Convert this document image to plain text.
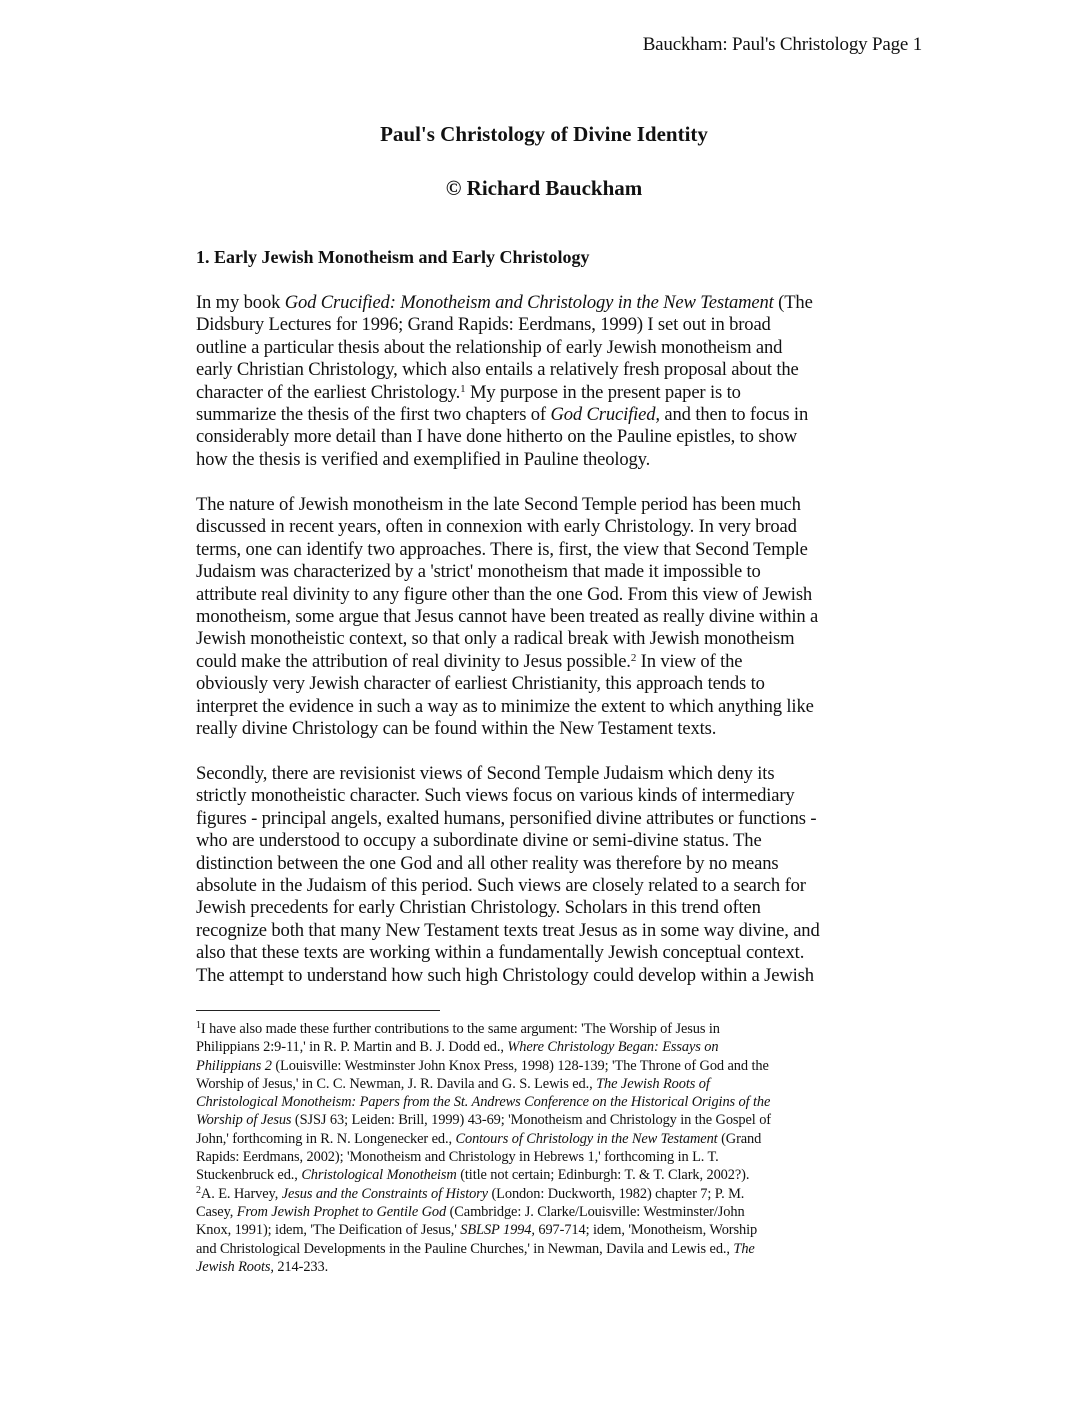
Bauckham: Paul's Christology Page 1
Paul's Christology of Divine Identity
© Richard Bauckham
1. Early Jewish Monotheism and Early Christology
In my book God Crucified: Monotheism and Christology in the New Testament (The
Didsbury Lectures for 1996; Grand Rapids: Eerdmans, 1999) I set out in broad
outline a particular thesis about the relationship of early Jewish monotheism and
early Christian Christology, which also entails a relatively fresh proposal about the
character of the earliest Christology.$^1$ My purpose in the present paper is to
summarize the thesis of the first two chapters of God Crucified, and then to focus in
considerably more detail than I have done hitherto on the Pauline epistles, to show
how the thesis is verified and exemplified in Pauline theology.
The nature of Jewish monotheism in the late Second Temple period has been much
discussed in recent years, often in connexion with early Christology. In very broad
terms, one can identify two approaches. There is, first, the view that Second Temple
Judaism was characterized by a 'strict' monotheism that made it impossible to
attribute real divinity to any figure other than the one God. From this view of Jewish
monotheism, some argue that Jesus cannot have been treated as really divine within a
Jewish monotheistic context, so that only a radical break with Jewish monotheism
could make the attribution of real divinity to Jesus possible.$^2$ In view of the
obviously very Jewish character of earliest Christianity, this approach tends to
interpret the evidence in such a way as to minimize the extent to which anything like
really divine Christology can be found within the New Testament texts.
Secondly, there are revisionist views of Second Temple Judaism which deny its
strictly monotheistic character. Such views focus on various kinds of intermediary
figures - principal angels, exalted humans, personified divine attributes or functions -
who are understood to occupy a subordinate divine or semi-divine status. The
distinction between the one God and all other reality was therefore by no means
absolute in the Judaism of this period. Such views are closely related to a search for
Jewish precedents for early Christian Christology. Scholars in this trend often
recognize both that many New Testament texts treat Jesus as in some way divine, and
also that these texts are working within a fundamentally Jewish conceptual context.
The attempt to understand how such high Christology could develop within a Jewish
$^1$I have also made these further contributions to the same argument: 'The Worship of Jesus in
Philippians 2:9-11,' in R. P. Martin and B. J. Dodd ed., Where Christology Began: Essays on
Philippians 2 (Louisville: Westminster John Knox Press, 1998) 128-139; 'The Throne of God and the
Worship of Jesus,' in C. C. Newman, J. R. Davila and G. S. Lewis ed., The Jewish Roots of
Christological Monotheism: Papers from the St. Andrews Conference on the Historical Origins of the
Worship of Jesus (SJSJ 63; Leiden: Brill, 1999) 43-69; 'Monotheism and Christology in the Gospel of
John,' forthcoming in R. N. Longenecker ed., Contours of Christology in the New Testament (Grand
Rapids: Eerdmans, 2002); 'Monotheism and Christology in Hebrews 1,' forthcoming in L. T.
Stuckenbruck ed., Christological Monotheism (title not certain; Edinburgh: T. & T. Clark, 2002?).
$^2$A. E. Harvey, Jesus and the Constraints of History (London: Duckworth, 1982) chapter 7; P. M.
Casey, From Jewish Prophet to Gentile God (Cambridge: J. Clarke/Louisville: Westminster/John
Knox, 1991); idem, 'The Deification of Jesus,' SBLSP 1994, 697-714; idem, 'Monotheism, Worship
and Christological Developments in the Pauline Churches,' in Newman, Davila and Lewis ed., The
Jewish Roots, 214-233.
